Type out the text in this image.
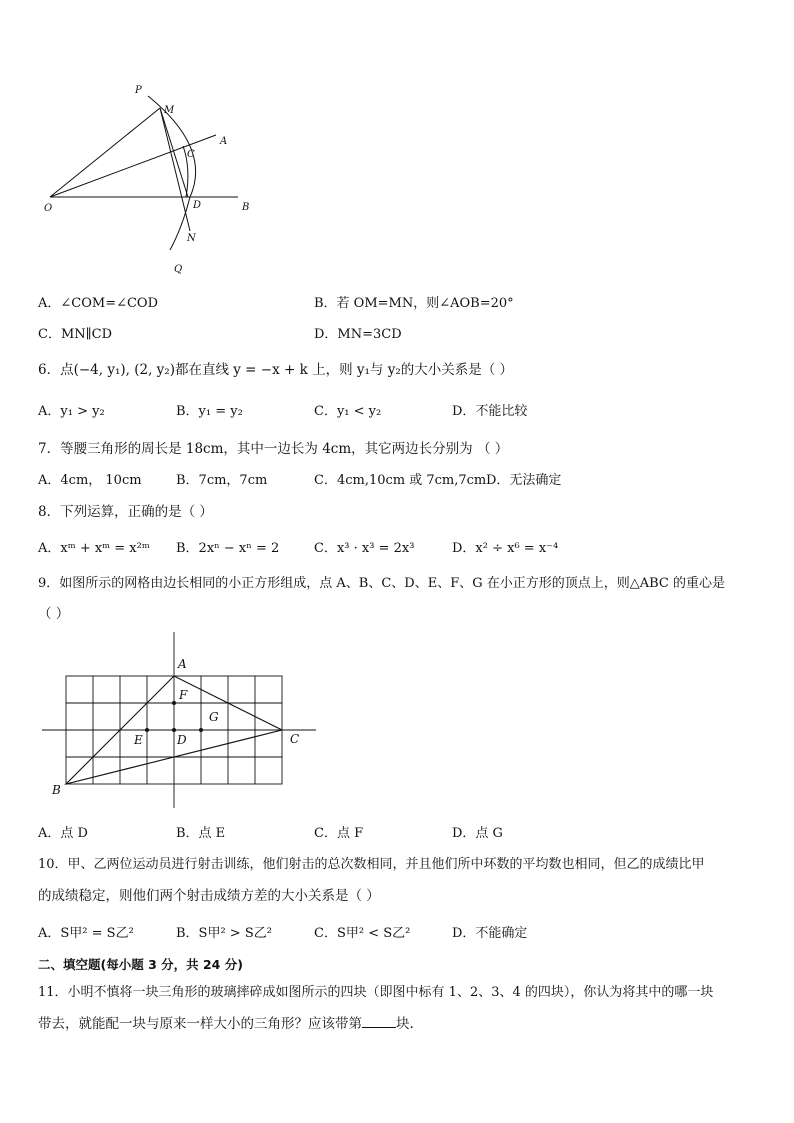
P
M
A
C
O	D	B
N
Q
A．∠COM=∠COD	B．若 OM=MN，则∠AOB=20°
C．MN∥CD	D．MN=3CD
6．点(−4, y₁), (2, y₂)都在直线 y = −x + k 上，则 y₁与 y₂的大小关系是（ ）
A．y₁ > y₂	B．y₁ = y₂	C．y₁ < y₂	D．不能比较
7．等腰三角形的周长是 18cm，其中一边长为 4cm，其它两边长分别为 （ ）
A．4cm， 10cm	B．7cm，7cm	C．4cm,10cm 或 7cm,7cm D．无法确定
8．下列运算，正确的是（ ）
A．xᵐ + xᵐ = x²ᵐ B．2xⁿ − xⁿ = 2	C．x³ · x³ = 2x³	D．x² ÷ x⁶ = x⁻⁴
9．如图所示的网格由边长相同的小正方形组成，点 A、B、C、D、E、F、G 在小正方形的顶点上，则△ABC 的重心是
（ ）
A
F
G
E	D	C
B
A．点 D	B．点 E	C．点 F	D．点 G
10．甲、乙两位运动员进行射击训练，他们射击的总次数相同，并且他们所中环数的平均数也相同，但乙的成绩比甲
的成绩稳定，则他们两个射击成绩方差的大小关系是（ ）
A．S甲² = S乙²	B．S甲² > S乙²	C．S甲² < S乙²	D．不能确定
二、填空题(每小题 3 分，共 24 分)
11．小明不慎将一块三角形的玻璃摔碎成如图所示的四块（即图中标有 1、2、3、4 的四块），你认为将其中的哪一块
带去，就能配一块与原来一样大小的三角形？应该带第	块.
